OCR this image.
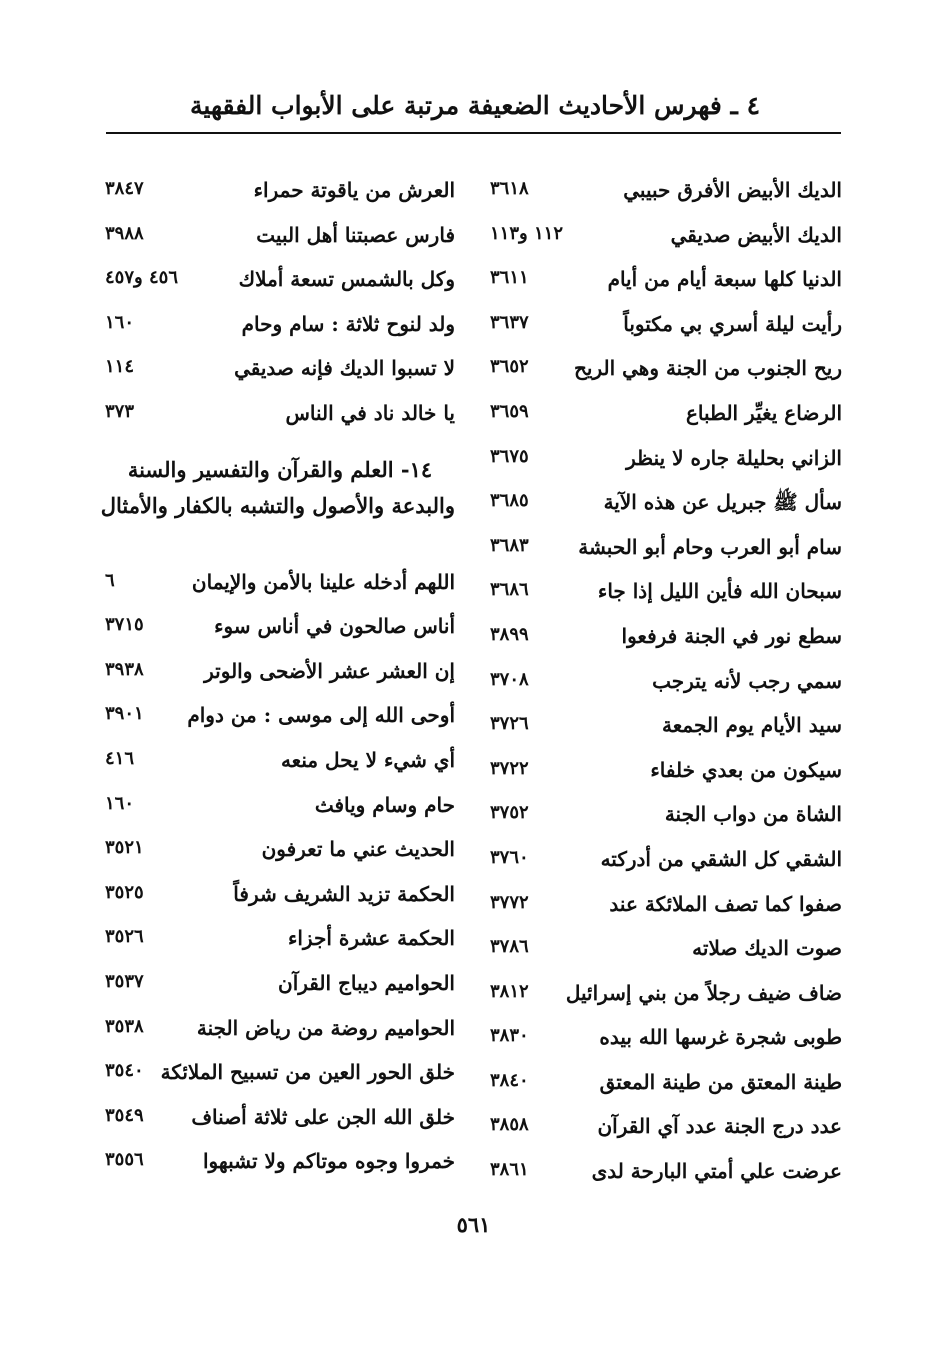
٤ ـ فهرس الأحاديث الضعيفة مرتبة على الأبواب الفقهية
الديك الأبيض الأفرق حبيبي
٣٦١٨
الديك الأبيض صديقي
١١٢ و١١٣
الدنيا كلها سبعة أيام من أيام
٣٦١١
رأيت ليلة أسري بي مكتوباً
٣٦٣٧
ريح الجنوب من الجنة وهي الريح
٣٦٥٢
الرضاع يغيِّر الطباع
٣٦٥٩
الزاني بحليلة جاره لا ينظر
٣٦٧٥
سأل ﷺ جبريل عن هذه الآية
٣٦٨٥
سام أبو العرب وحام أبو الحبشة
٣٦٨٣
سبحان الله فأين الليل إذا جاء
٣٦٨٦
سطع نور في الجنة فرفعوا
٣٨٩٩
سمي رجب لأنه يترجب
٣٧٠٨
سيد الأيام يوم الجمعة
٣٧٢٦
سيكون من بعدي خلفاء
٣٧٢٢
الشاة من دواب الجنة
٣٧٥٢
الشقي كل الشقي من أدركته
٣٧٦٠
صفوا كما تصف الملائكة عند
٣٧٧٢
صوت الديك صلاته
٣٧٨٦
ضاف ضيف رجلاً من بني إسرائيل
٣٨١٢
طوبى شجرة غرسها الله بيده
٣٨٣٠
طينة المعتق من طينة المعتق
٣٨٤٠
عدد درج الجنة عدد آي القرآن
٣٨٥٨
عرضت علي أمتي البارحة لدى
٣٨٦١
العرش من ياقوتة حمراء
٣٨٤٧
فارس عصبتنا أهل البيت
٣٩٨٨
وكل بالشمس تسعة أملاك
٤٥٦ و٤٥٧
ولد لنوح ثلاثة : سام وحام
١٦٠
لا تسبوا الديك فإنه صديقي
١١٤
يا خالد ناد في الناس
٣٧٣
١٤- العلم والقرآن والتفسير والسنة
والبدعة والأصول والتشبه بالكفار والأمثال
اللهم أدخله علينا بالأمن والإيمان
٦
أناس صالحون في أناس سوء
٣٧١٥
إن العشر عشر الأضحى والوتر
٣٩٣٨
أوحى الله إلى موسى : من دوام
٣٩٠١
أي شيء لا يحل منعه
٤١٦
حام وسام ويافث
١٦٠
الحديث عني ما تعرفون
٣٥٢١
الحكمة تزيد الشريف شرفاً
٣٥٢٥
الحكمة عشرة أجزاء
٣٥٢٦
الحواميم ديباج القرآن
٣٥٣٧
الحواميم روضة من رياض الجنة
٣٥٣٨
خلق الحور العين من تسبيح الملائكة
٣٥٤٠
خلق الله الجن على ثلاثة أصناف
٣٥٤٩
خمروا وجوه موتاكم ولا تشبهوا
٣٥٥٦
٥٦١
